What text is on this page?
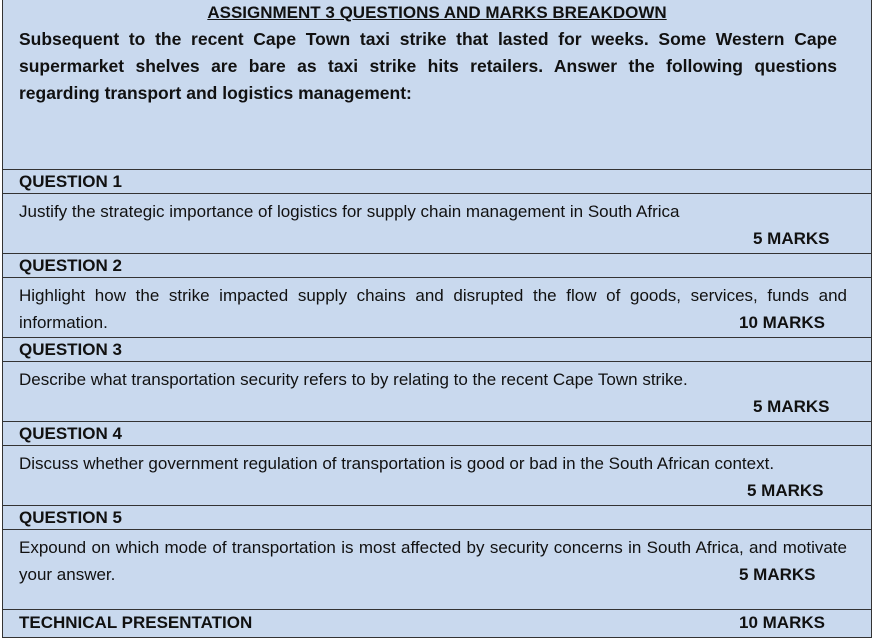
ASSIGNMENT 3 QUESTIONS AND MARKS BREAKDOWN
Subsequent to the recent Cape Town taxi strike that lasted for weeks. Some Western Cape supermarket shelves are bare as taxi strike hits retailers. Answer the following questions regarding transport and logistics management:
QUESTION 1
Justify the strategic importance of logistics for supply chain management in South Africa
5 MARKS
QUESTION 2
Highlight how the strike impacted supply chains and disrupted the flow of goods, services, funds and information.	10 MARKS
QUESTION 3
Describe what transportation security refers to by relating to the recent Cape Town strike.
5 MARKS
QUESTION 4
Discuss whether government regulation of transportation is good or bad in the South African context.
5 MARKS
QUESTION 5
Expound on which mode of transportation is most affected by security concerns in South Africa, and motivate your answer.	5 MARKS
TECHNICAL PRESENTATION	10 MARKS
